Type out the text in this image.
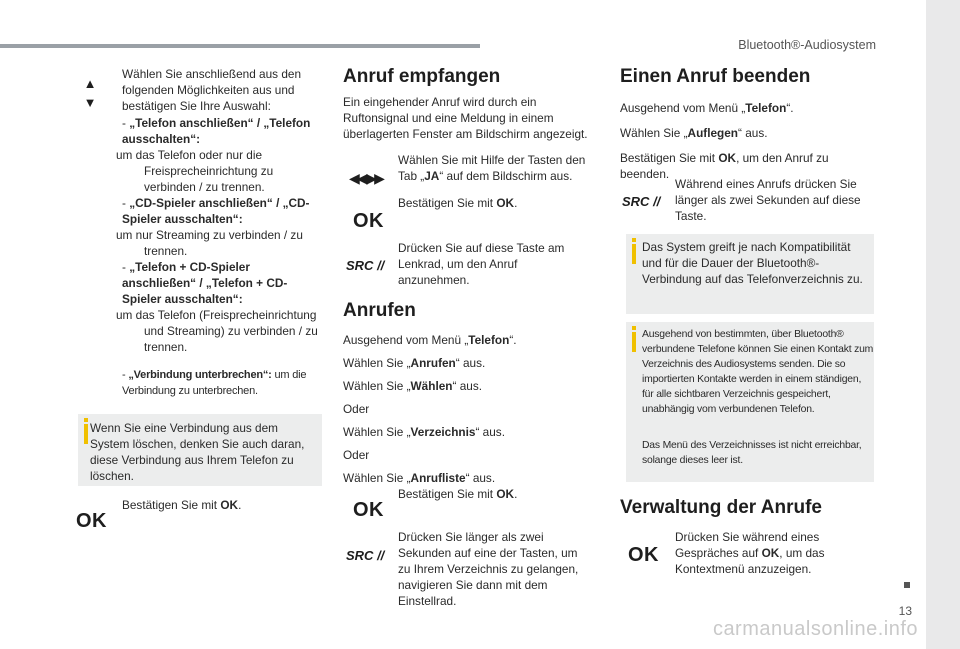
Bluetooth®-Audiosystem
▲
▼

Wählen Sie anschließend aus den folgenden Möglichkeiten aus und bestätigen Sie Ihre Auswahl:

- „Telefon anschließen“ / „Telefon ausschalten“:

um das Telefon oder nur die Freisprecheinrichtung zu verbinden / zu trennen.

- „CD-Spieler anschließen“ / „CD-Spieler ausschalten“:

um nur Streaming zu verbinden / zu trennen.

- „Telefon + CD-Spieler anschließen“ / „Telefon + CD-Spieler ausschalten“:

um das Telefon (Freisprecheinrichtung und Streaming) zu verbinden / zu trennen.

- „Verbindung unterbrechen“: um die Verbindung zu unterbrechen.

Wenn Sie eine Verbindung aus dem System löschen, denken Sie auch daran, diese Verbindung aus Ihrem Telefon zu löschen.

OK

Bestätigen Sie mit OK.

Anruf empfangen

Ein eingehender Anruf wird durch ein Ruftonsignal und eine Meldung in einem überlagerten Fenster am Bildschirm angezeigt.

◀◀ ▶▶

Wählen Sie mit Hilfe der Tasten den Tab „JA“ auf dem Bildschirm aus.

OK

Bestätigen Sie mit OK.

SRC //

Drücken Sie auf diese Taste am Lenkrad, um den Anruf anzunehmen.

Anrufen

Ausgehend vom Menü „Telefon“.

Wählen Sie „Anrufen“ aus.

Wählen Sie „Wählen“ aus.

Oder

Wählen Sie „Verzeichnis“ aus.

Oder

Wählen Sie „Anrufliste“ aus.

OK

Bestätigen Sie mit OK.

SRC //

Drücken Sie länger als zwei Sekunden auf eine der Tasten, um zu Ihrem Verzeichnis zu gelangen, navigieren Sie dann mit dem Einstellrad.

Einen Anruf beenden

Ausgehend vom Menü „Telefon“.

Wählen Sie „Auflegen“ aus.

Bestätigen Sie mit OK, um den Anruf zu beenden.

SRC //

Während eines Anrufs drücken Sie länger als zwei Sekunden auf diese Taste.

Das System greift je nach Kompatibilität und für die Dauer der Bluetooth®-Verbindung auf das Telefonverzeichnis zu.

Ausgehend von bestimmten, über Bluetooth® verbundene Telefone können Sie einen Kontakt zum Verzeichnis des Audiosystems senden. Die so importierten Kontakte werden in einem ständigen, für alle sichtbaren Verzeichnis gespeichert, unabhängig vom verbundenen Telefon.

Das Menü des Verzeichnisses ist nicht erreichbar, solange dieses leer ist.

Verwaltung der Anrufe
OK

Drücken Sie während eines Gespräches auf OK, um das Kontextmenü anzuzeigen.

13
carmanualsonline.info
